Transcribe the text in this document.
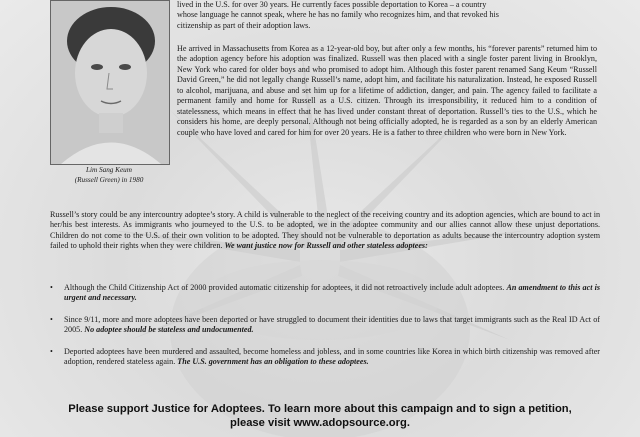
Lim Sang Keum
(Russell Green) in 1980

lived in the U.S. for over 30 years. He currently faces possible deportation to Korea – a country

whose language he cannot speak, where he has no family who recognizes him, and that revoked his

citizenship as part of their adoption laws.

He arrived in Massachusetts from Korea as a 12-year-old boy, but after only a few months, his “forever parents” returned him to the adoption agency before his adoption was finalized. Russell was then placed with a single foster parent living in Brooklyn, New York who cared for older boys and who promised to adopt him. Although this foster parent renamed Sang Keum “Russell David Green,” he did not legally change Russell’s name, adopt him, and facilitate his naturalization. Instead, he exposed Russell to alcohol, marijuana, and abuse and set him up for a lifetime of addiction, danger, and pain. The agency failed to facilitate a permanent family and home for Russell as a U.S. citizen. Through its irresponsibility, it reduced him to a condition of statelessness, which means in effect that he has lived under constant threat of deportation. Russell’s ties to the U.S., which he considers his home, are deeply personal. Although not being officially adopted, he is regarded as a son by an elderly American couple who have loved and cared for him for over 20 years. He is a father to three children who were born in New York.

Russell’s story could be any intercountry adoptee’s story. A child is vulnerable to the neglect of the receiving country and its adoption agencies, which are bound to act in her/his best interests. As immigrants who journeyed to the U.S. to be adopted, we in the adoptee community and our allies cannot allow these unjust deportations. Children do not come to the U.S. of their own volition to be adopted. They should not be vulnerable to deportation as adults because the intercountry adoption system failed to uphold their rights when they were children. We want justice now for Russell and other stateless adoptees:

• Although the Child Citizenship Act of 2000 provided automatic citizenship for adoptees, it did not retroactively include adult adoptees. An amendment to this act is urgent and necessary.
• Since 9/11, more and more adoptees have been deported or have struggled to document their identities due to laws that target immigrants such as the Real ID Act of 2005. No adoptee should be stateless and undocumented.
• Deported adoptees have been murdered and assaulted, become homeless and jobless, and in some countries like Korea in which birth citizenship was removed after adoption, rendered stateless again. The U.S. government has an obligation to these adoptees.
Please support Justice for Adoptees. To learn more about this campaign and to sign a petition,
please visit www.adopsource.org.
